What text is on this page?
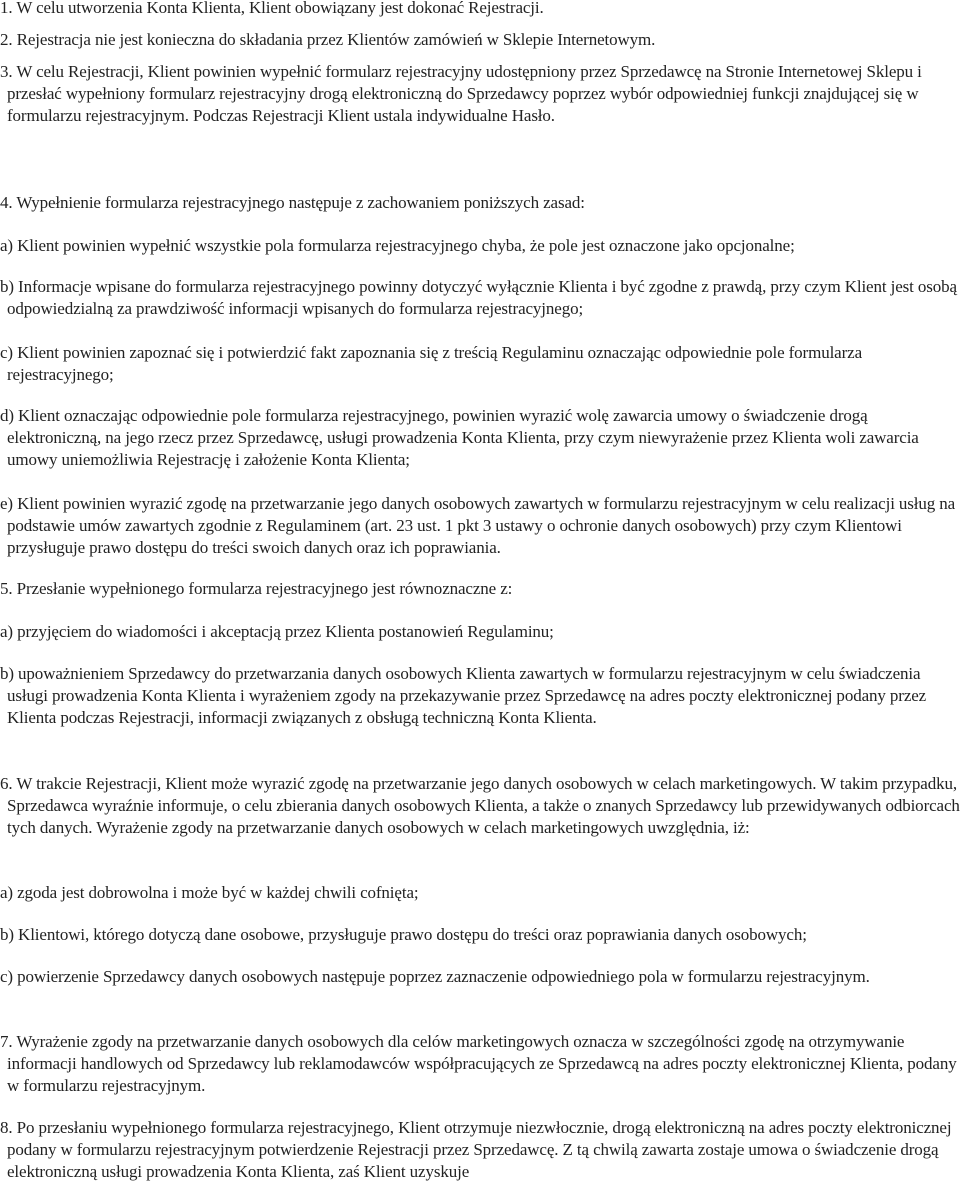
1. W celu utworzenia Konta Klienta, Klient obowiązany jest dokonać Rejestracji.

2. Rejestracja nie jest konieczna do składania przez Klientów zamówień w Sklepie Internetowym.

3. W celu Rejestracji, Klient powinien wypełnić formularz rejestracyjny udostępniony przez Sprzedawcę na Stronie Internetowej Sklepu i przesłać wypełniony formularz rejestracyjny drogą elektroniczną do Sprzedawcy poprzez wybór odpowiedniej funkcji znajdującej się w formularzu rejestracyjnym. Podczas Rejestracji Klient ustala indywidualne Hasło.

4. Wypełnienie formularza rejestracyjnego następuje z zachowaniem poniższych zasad:

a) Klient powinien wypełnić wszystkie pola formularza rejestracyjnego chyba, że pole jest oznaczone jako opcjonalne;

b) Informacje wpisane do formularza rejestracyjnego powinny dotyczyć wyłącznie Klienta i być zgodne z prawdą, przy czym Klient jest osobą odpowiedzialną za prawdziwość informacji wpisanych do formularza rejestracyjnego;

c) Klient powinien zapoznać się i potwierdzić fakt zapoznania się z treścią Regulaminu oznaczając odpowiednie pole formularza rejestracyjnego;

d) Klient oznaczając odpowiednie pole formularza rejestracyjnego, powinien wyrazić wolę zawarcia umowy o świadczenie drogą elektroniczną, na jego rzecz przez Sprzedawcę, usługi prowadzenia Konta Klienta, przy czym niewyrażenie przez Klienta woli zawarcia umowy uniemożliwia Rejestrację i założenie Konta Klienta;

e) Klient powinien wyrazić zgodę na przetwarzanie jego danych osobowych zawartych w formularzu rejestracyjnym w celu realizacji usług na podstawie umów zawartych zgodnie z Regulaminem (art. 23 ust. 1 pkt 3 ustawy o ochronie danych osobowych) przy czym Klientowi przysługuje prawo dostępu do treści swoich danych oraz ich poprawiania.

5. Przesłanie wypełnionego formularza rejestracyjnego jest równoznaczne z:

a) przyjęciem do wiadomości i akceptacją przez Klienta postanowień Regulaminu;

b) upoważnieniem Sprzedawcy do przetwarzania danych osobowych Klienta zawartych w formularzu rejestracyjnym w celu świadczenia usługi prowadzenia Konta Klienta i wyrażeniem zgody na przekazywanie przez Sprzedawcę na adres poczty elektronicznej podany przez Klienta podczas Rejestracji, informacji związanych z obsługą techniczną Konta Klienta.

6. W trakcie Rejestracji, Klient może wyrazić zgodę na przetwarzanie jego danych osobowych w celach marketingowych. W takim przypadku, Sprzedawca wyraźnie informuje, o celu zbierania danych osobowych Klienta, a także o znanych Sprzedawcy lub przewidywanych odbiorcach tych danych. Wyrażenie zgody na przetwarzanie danych osobowych w celach marketingowych uwzględnia, iż:

a) zgoda jest dobrowolna i może być w każdej chwili cofnięta;

b) Klientowi, którego dotyczą dane osobowe, przysługuje prawo dostępu do treści oraz poprawiania danych osobowych;

c) powierzenie Sprzedawcy danych osobowych następuje poprzez zaznaczenie odpowiedniego pola w formularzu rejestracyjnym.

7. Wyrażenie zgody na przetwarzanie danych osobowych dla celów marketingowych oznacza w szczególności zgodę na otrzymywanie informacji handlowych od Sprzedawcy lub reklamodawców współpracujących ze Sprzedawcą na adres poczty elektronicznej Klienta, podany w formularzu rejestracyjnym.

8. Po przesłaniu wypełnionego formularza rejestracyjnego, Klient otrzymuje niezwłocznie, drogą elektroniczną na adres poczty elektronicznej podany w formularzu rejestracyjnym potwierdzenie Rejestracji przez Sprzedawcę. Z tą chwilą zawarta zostaje umowa o świadczenie drogą elektroniczną usługi prowadzenia Konta Klienta, zaś Klient uzyskuje
